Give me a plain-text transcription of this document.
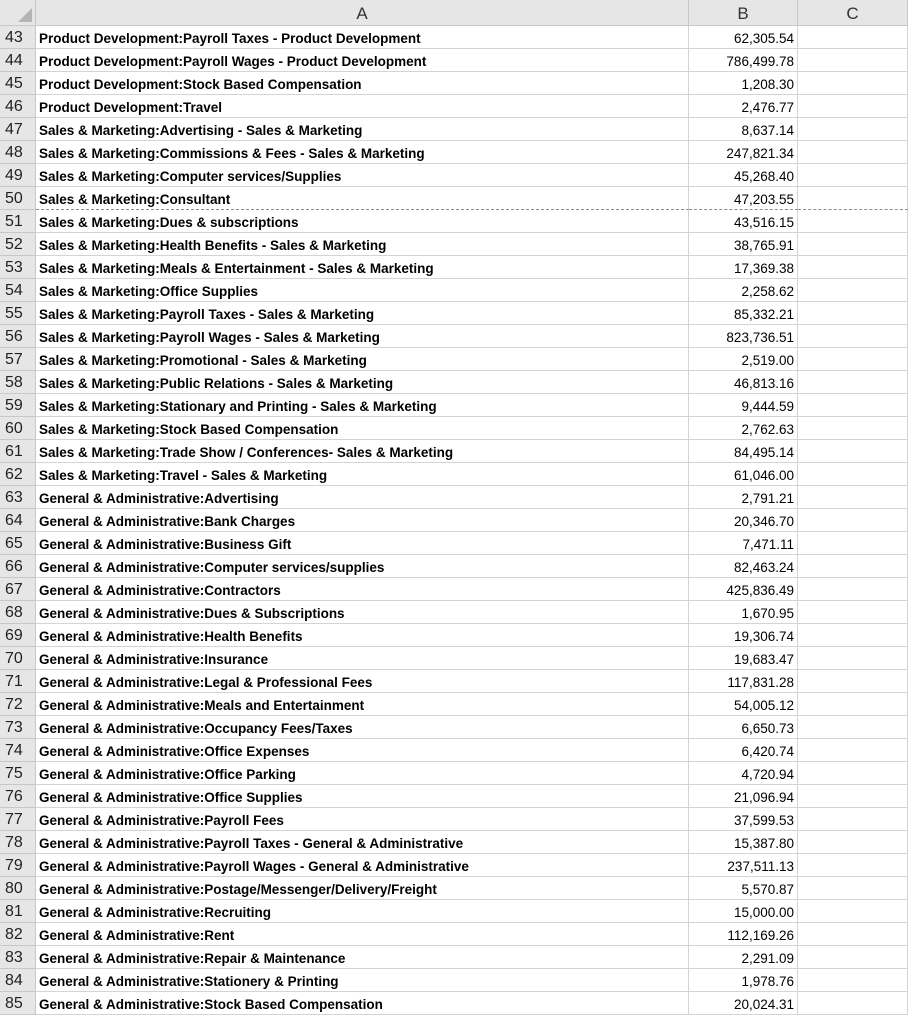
A	B	C
43	Product Development:Payroll Taxes - Product Development	62,305.54
44	Product Development:Payroll Wages - Product Development	786,499.78
45	Product Development:Stock Based Compensation	1,208.30
46	Product Development:Travel	2,476.77
47	Sales & Marketing:Advertising - Sales & Marketing	8,637.14
48	Sales & Marketing:Commissions & Fees - Sales & Marketing	247,821.34
49	Sales & Marketing:Computer services/Supplies	45,268.40
50	Sales & Marketing:Consultant	47,203.55
51	Sales & Marketing:Dues & subscriptions	43,516.15
52	Sales & Marketing:Health Benefits - Sales & Marketing	38,765.91
53	Sales & Marketing:Meals & Entertainment - Sales & Marketing	17,369.38
54	Sales & Marketing:Office Supplies	2,258.62
55	Sales & Marketing:Payroll Taxes - Sales & Marketing	85,332.21
56	Sales & Marketing:Payroll Wages - Sales & Marketing	823,736.51
57	Sales & Marketing:Promotional - Sales & Marketing	2,519.00
58	Sales & Marketing:Public Relations - Sales & Marketing	46,813.16
59	Sales & Marketing:Stationary and Printing - Sales & Marketing	9,444.59
60	Sales & Marketing:Stock Based Compensation	2,762.63
61	Sales & Marketing:Trade Show / Conferences- Sales & Marketing	84,495.14
62	Sales & Marketing:Travel - Sales & Marketing	61,046.00
63	General & Administrative:Advertising	2,791.21
64	General & Administrative:Bank Charges	20,346.70
65	General & Administrative:Business Gift	7,471.11
66	General & Administrative:Computer services/supplies	82,463.24
67	General & Administrative:Contractors	425,836.49
68	General & Administrative:Dues & Subscriptions	1,670.95
69	General & Administrative:Health Benefits	19,306.74
70	General & Administrative:Insurance	19,683.47
71	General & Administrative:Legal & Professional Fees	117,831.28
72	General & Administrative:Meals and Entertainment	54,005.12
73	General & Administrative:Occupancy Fees/Taxes	6,650.73
74	General & Administrative:Office Expenses	6,420.74
75	General & Administrative:Office Parking	4,720.94
76	General & Administrative:Office Supplies	21,096.94
77	General & Administrative:Payroll Fees	37,599.53
78	General & Administrative:Payroll Taxes - General & Administrative	15,387.80
79	General & Administrative:Payroll Wages - General & Administrative	237,511.13
80	General & Administrative:Postage/Messenger/Delivery/Freight	5,570.87
81	General & Administrative:Recruiting	15,000.00
82	General & Administrative:Rent	112,169.26
83	General & Administrative:Repair & Maintenance	2,291.09
84	General & Administrative:Stationery & Printing	1,978.76
85	General & Administrative:Stock Based Compensation	20,024.31
